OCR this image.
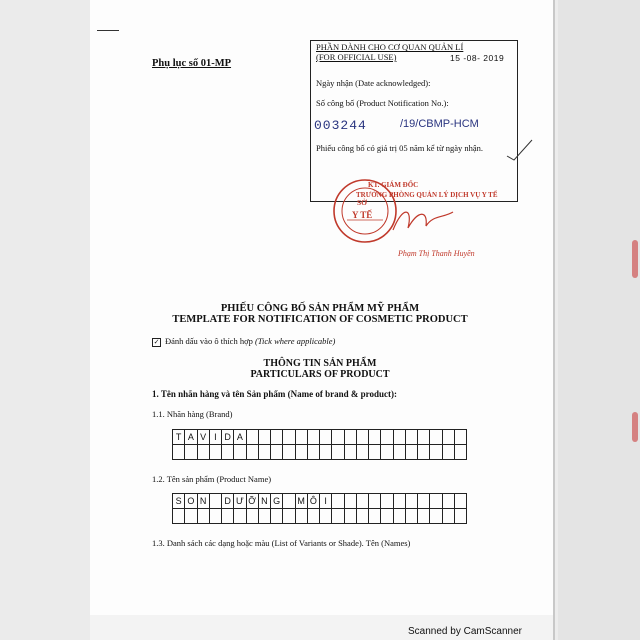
Phụ lục số 01-MP
PHẦN DÀNH CHO CƠ QUAN QUẢN LÍ
(FOR OFFICIAL USE)	15 -08- 2019
Ngày nhận (Date acknowledged):
Số công bố (Product Notification No.):
003244	/19/CBMP-HCM
Phiếu công bố có giá trị 05 năm kể từ ngày nhận.
SỞ
Y TẾ
KT. GIÁM ĐỐC
TRƯỞNG PHÒNG QUẢN LÝ DỊCH VỤ Y TẾ
Phạm Thị Thanh Huyền
PHIẾU CÔNG BỐ SẢN PHẨM MỸ PHẨM
TEMPLATE FOR NOTIFICATION OF COSMETIC PRODUCT
✓ Đánh dấu vào ô thích hợp (Tick where applicable)
THÔNG TIN SẢN PHẨM
PARTICULARS OF PRODUCT
1. Tên nhãn hàng và tên Sản phẩm (Name of brand & product):
1.1. Nhãn hàng (Brand)
T A V I D A
1.2. Tên sản phẩm (Product Name)
S O N	D Ư Ỡ N G	M Ô I
1.3. Danh sách các dạng hoặc màu (List of Variants or Shade). Tên (Names)
Scanned by CamScanner
